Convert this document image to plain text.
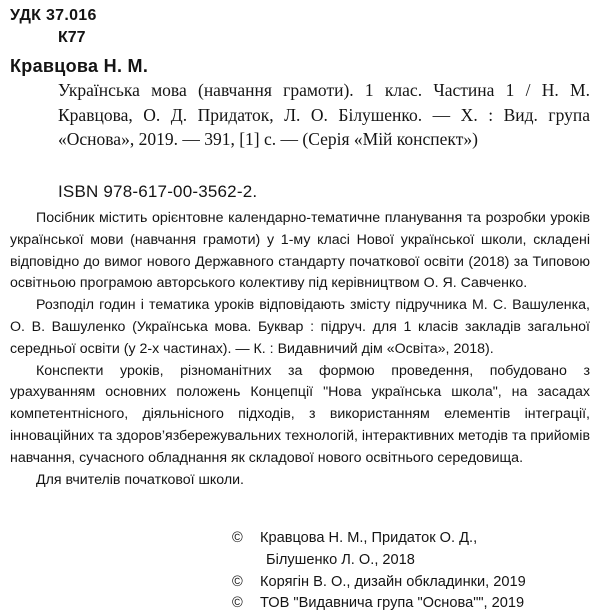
УДК 37.016
К77
Кравцова Н. М.
Українська мова (навчання грамоти). 1 клас. Частина 1 / Н. М. Кравцова, О. Д. Придаток, Л. О. Білушенко. — Х. : Вид. група «Основа», 2019. — 391, [1] с. — (Серія «Мій конспект»)
ISBN 978-617-00-3562-2.

Посібник містить орієнтовне календарно-тематичне планування та розробки уроків української мови (навчання грамоти) у 1-му класі Нової української школи, складені відповідно до вимог нового Державного стандарту початкової освіти (2018) за Типовою освітньою програмою авторського колективу під керівництвом О. Я. Савченко.

Розподіл годин і тематика уроків відповідають змісту підручника М. С. Вашуленка, О. В. Вашуленко (Українська мова. Буквар : підруч. для 1 класів закладів загальної середньої освіти (у 2-х частинах). — К. : Видавничий дім «Освіта», 2018).

Конспекти уроків, різноманітних за формою проведення, побудовано з урахуванням основних положень Концепції "Нова українська школа", на засадах компетентнісного, діяльнісного підходів, з використанням елементів інтеграції, інноваційних та здоров’язбережувальних технологій, інтерактивних методів та прийомів навчання, сучасного обладнання як складової нового освітнього середовища.

Для вчителів початкової школи.

©	Кравцова Н. М., Придаток О. Д.,
Білушенко Л. О., 2018
©	Корягін В. О., дизайн обкладинки, 2019
©	ТОВ "Видавнича група "Основа"", 2019
